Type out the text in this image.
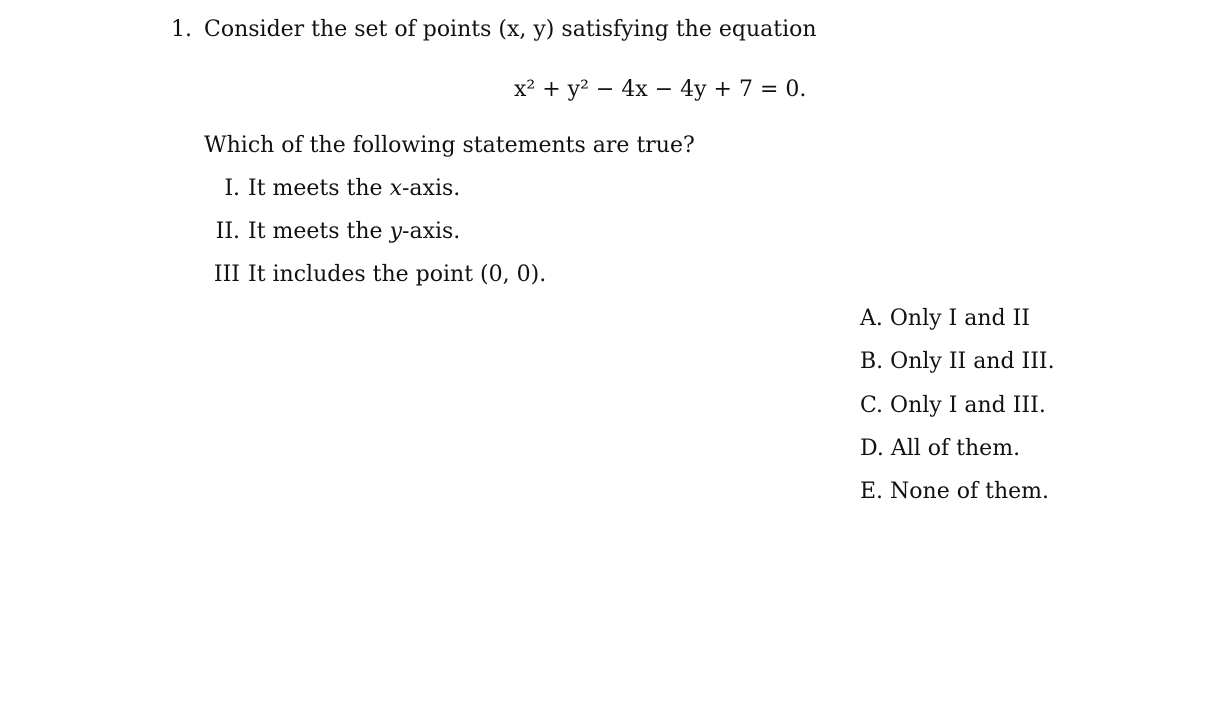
1. Consider the set of points (x, y) satisfying the equation
x² + y² − 4x − 4y + 7 = 0.
Which of the following statements are true?
I. It meets the x-axis.
II. It meets the y-axis.
III It includes the point (0, 0).
A. Only I and II
B. Only II and III.
C. Only I and III.
D. All of them.
E. None of them.
